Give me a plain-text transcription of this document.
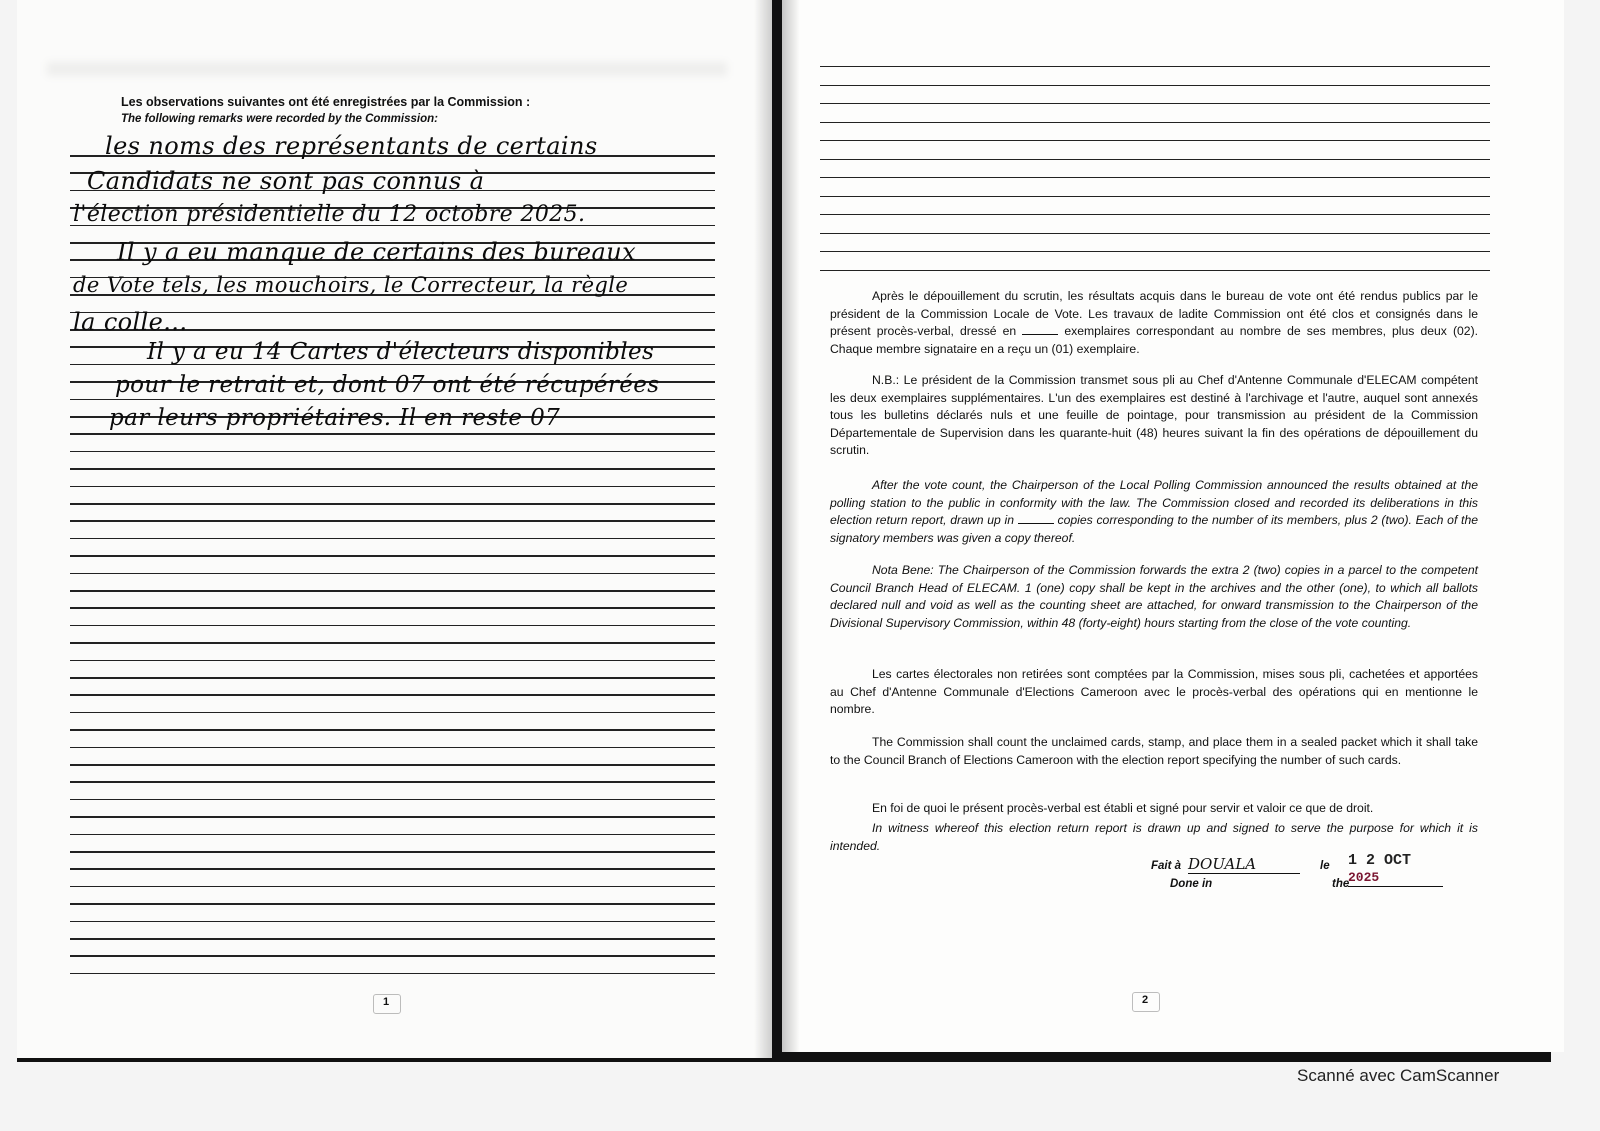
Les observations suivantes ont été enregistrées par la Commission :
The following remarks were recorded by the Commission:
les noms des représentants de certains
Candidats ne sont pas connus à
l'élection présidentielle du 12 octobre 2025.
Il y a eu manque de certains des bureaux
de Vote tels, les mouchoirs, le Correcteur, la règle
la colle...
Il y a eu 14 Cartes d'électeurs disponibles
pour le retrait et, dont 07 ont été récupérées
par leurs propriétaires. Il en reste 07
1
Après le dépouillement du scrutin, les résultats acquis dans le bureau de vote ont été rendus publics par le président de la Commission Locale de Vote. Les travaux de ladite Commission ont été clos et consignés dans le présent procès-verbal, dressé en	exemplaires correspondant au nombre de ses membres, plus deux (02). Chaque membre signataire en a reçu un (01) exemplaire.
N.B.: Le président de la Commission transmet sous pli au Chef d'Antenne Communale d'ELECAM compétent les deux exemplaires supplémentaires. L'un des exemplaires est destiné à l'archivage et l'autre, auquel sont annexés tous les bulletins déclarés nuls et une feuille de pointage, pour transmission au président de la Commission Départementale de Supervision dans les quarante-huit (48) heures suivant la fin des opérations de dépouillement du scrutin.
After the vote count, the Chairperson of the Local Polling Commission announced the results obtained at the polling station to the public in conformity with the law. The Commission closed and recorded its deliberations in this election return report, drawn up in	copies corresponding to the number of its members, plus 2 (two). Each of the signatory members was given a copy thereof.
Nota Bene: The Chairperson of the Commission forwards the extra 2 (two) copies in a parcel to the competent Council Branch Head of ELECAM. 1 (one) copy shall be kept in the archives and the other (one), to which all ballots declared null and void as well as the counting sheet are attached, for onward transmission to the Chairperson of the Divisional Supervisory Commission, within 48 (forty-eight) hours starting from the close of the vote counting.
Les cartes électorales non retirées sont comptées par la Commission, mises sous pli, cachetées et apportées au Chef d'Antenne Communale d'Elections Cameroon avec le procès-verbal des opérations qui en mentionne le nombre.
The Commission shall count the unclaimed cards, stamp, and place them in a sealed packet which it shall take to the Council Branch of Elections Cameroon with the election report specifying the number of such cards.
En foi de quoi le présent procès-verbal est établi et signé pour servir et valoir ce que de droit.
In witness whereof this election return report is drawn up and signed to serve the purpose for which it is intended.
Fait à DOUALA
Done in
le 1 2 OCT 2025
the
2
Scanné avec CamScanner
